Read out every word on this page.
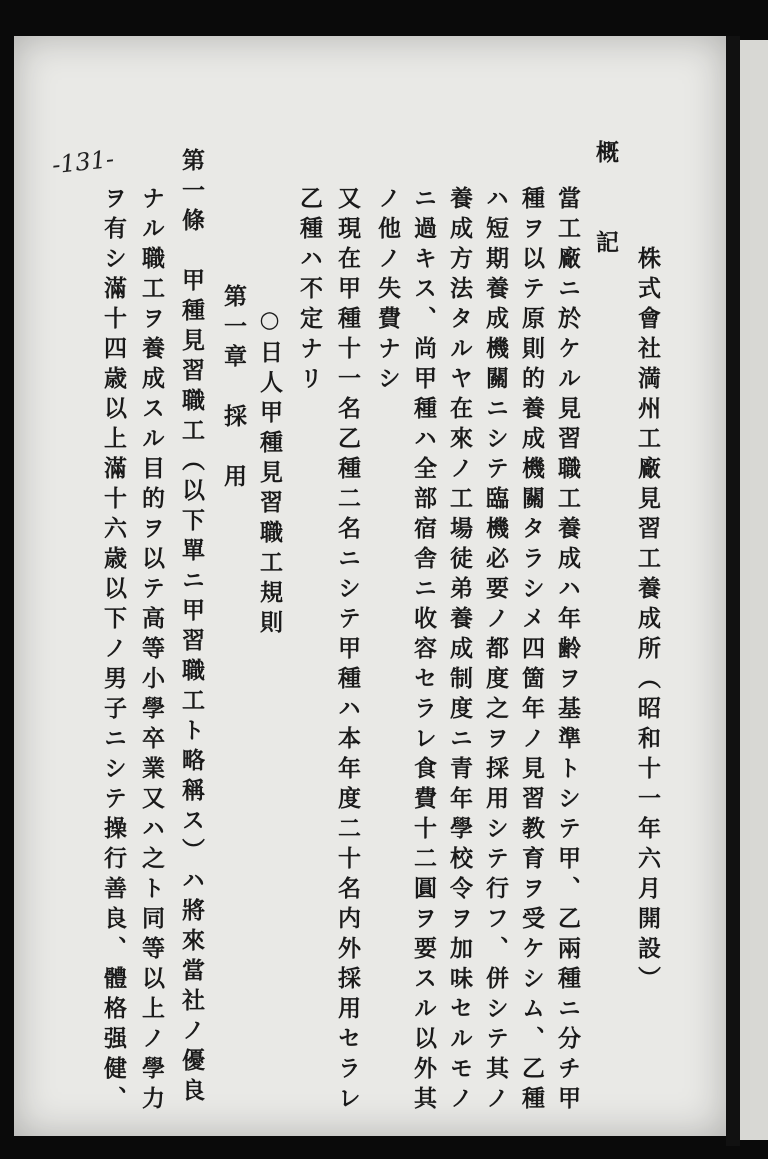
-131-
株式會社満州工廠見習工養成所（昭和十一年六月開設）
概　　記
當工廠ニ於ケル見習職工養成ハ年齢ヲ基準トシテ甲、乙兩種ニ分チ甲
種ヲ以テ原則的養成機關タラシメ四箇年ノ見習教育ヲ受ケシム、乙種
ハ短期養成機關ニシテ臨機必要ノ都度之ヲ採用シテ行フ、併シテ其ノ
養成方法タルヤ在來ノ工場徒弟養成制度ニ青年學校令ヲ加味セルモノ
ニ過キス、尚甲種ハ全部宿舎ニ收容セラレ食費十二圓ヲ要スル以外其
ノ他ノ失費ナシ
又現在甲種十一名乙種二名ニシテ甲種ハ本年度二十名内外採用セラレ
乙種ハ不定ナリ
○日人甲種見習職工規則
第一章　採　用
第一條　甲種見習職工（以下單ニ甲習職工ト略稱ス）ハ將來當社ノ優良
ナル職工ヲ養成スル目的ヲ以テ高等小學卒業又ハ之ト同等以上ノ學力
ヲ有シ滿十四歳以上滿十六歳以下ノ男子ニシテ操行善良、體格强健、
